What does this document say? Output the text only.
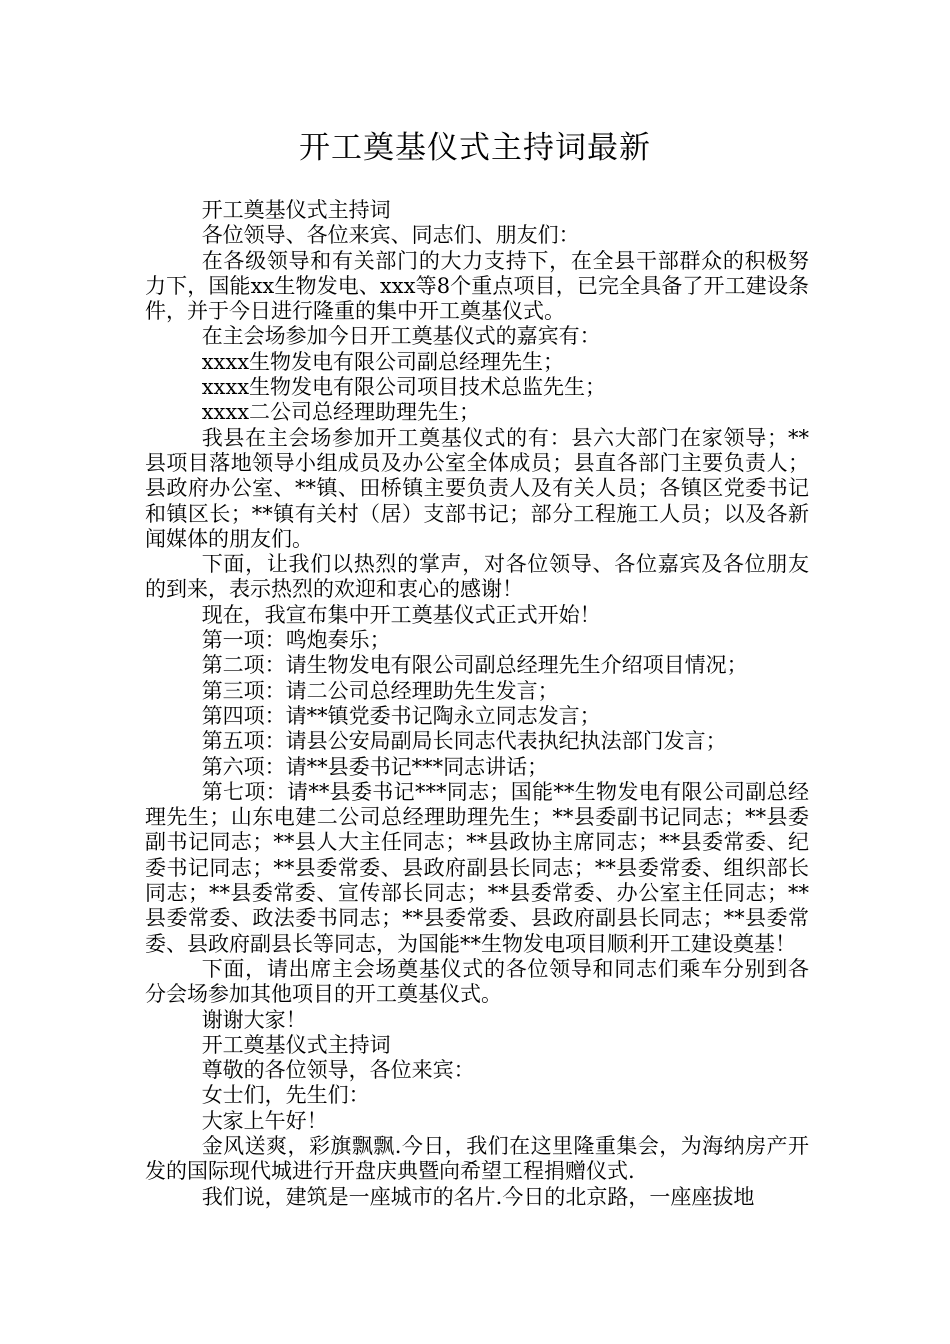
开工奠基仪式主持词最新

开工奠基仪式主持词

各位领导、各位来宾、同志们、朋友们：

在各级领导和有关部门的大力支持下，在全县干部群众的积极努力下，国能xx生物发电、xxx等8个重点项目，已完全具备了开工建设条件，并于今日进行隆重的集中开工奠基仪式。

在主会场参加今日开工奠基仪式的嘉宾有：

xxxx生物发电有限公司副总经理先生；

xxxx生物发电有限公司项目技术总监先生；

xxxx二公司总经理助理先生；

我县在主会场参加开工奠基仪式的有：县六大部门在家领导；**县项目落地领导小组成员及办公室全体成员；县直各部门主要负责人；县政府办公室、**镇、田桥镇主要负责人及有关人员；各镇区党委书记和镇区长；**镇有关村（居）支部书记；部分工程施工人员；以及各新闻媒体的朋友们。

下面，让我们以热烈的掌声，对各位领导、各位嘉宾及各位朋友的到来，表示热烈的欢迎和衷心的感谢！

现在，我宣布集中开工奠基仪式正式开始！

第一项：鸣炮奏乐；

第二项：请生物发电有限公司副总经理先生介绍项目情况；

第三项：请二公司总经理助先生发言；

第四项：请**镇党委书记陶永立同志发言；

第五项：请县公安局副局长同志代表执纪执法部门发言；

第六项：请**县委书记***同志讲话；

第七项：请**县委书记***同志；国能**生物发电有限公司副总经理先生；山东电建二公司总经理助理先生；**县委副书记同志；**县委副书记同志；**县人大主任同志；**县政协主席同志；**县委常委、纪委书记同志；**县委常委、县政府副县长同志；**县委常委、组织部长同志；**县委常委、宣传部长同志；**县委常委、办公室主任同志；**县委常委、政法委书同志；**县委常委、县政府副县长同志；**县委常委、县政府副县长等同志，为国能**生物发电项目顺利开工建设奠基！

下面，请出席主会场奠基仪式的各位领导和同志们乘车分别到各分会场参加其他项目的开工奠基仪式。

谢谢大家！

开工奠基仪式主持词

尊敬的各位领导，各位来宾：

女士们，先生们：

大家上午好！

金风送爽，彩旗飘飘.今日，我们在这里隆重集会，为海纳房产开发的国际现代城进行开盘庆典暨向希望工程捐赠仪式.

我们说，建筑是一座城市的名片.今日的北京路，一座座拔地
